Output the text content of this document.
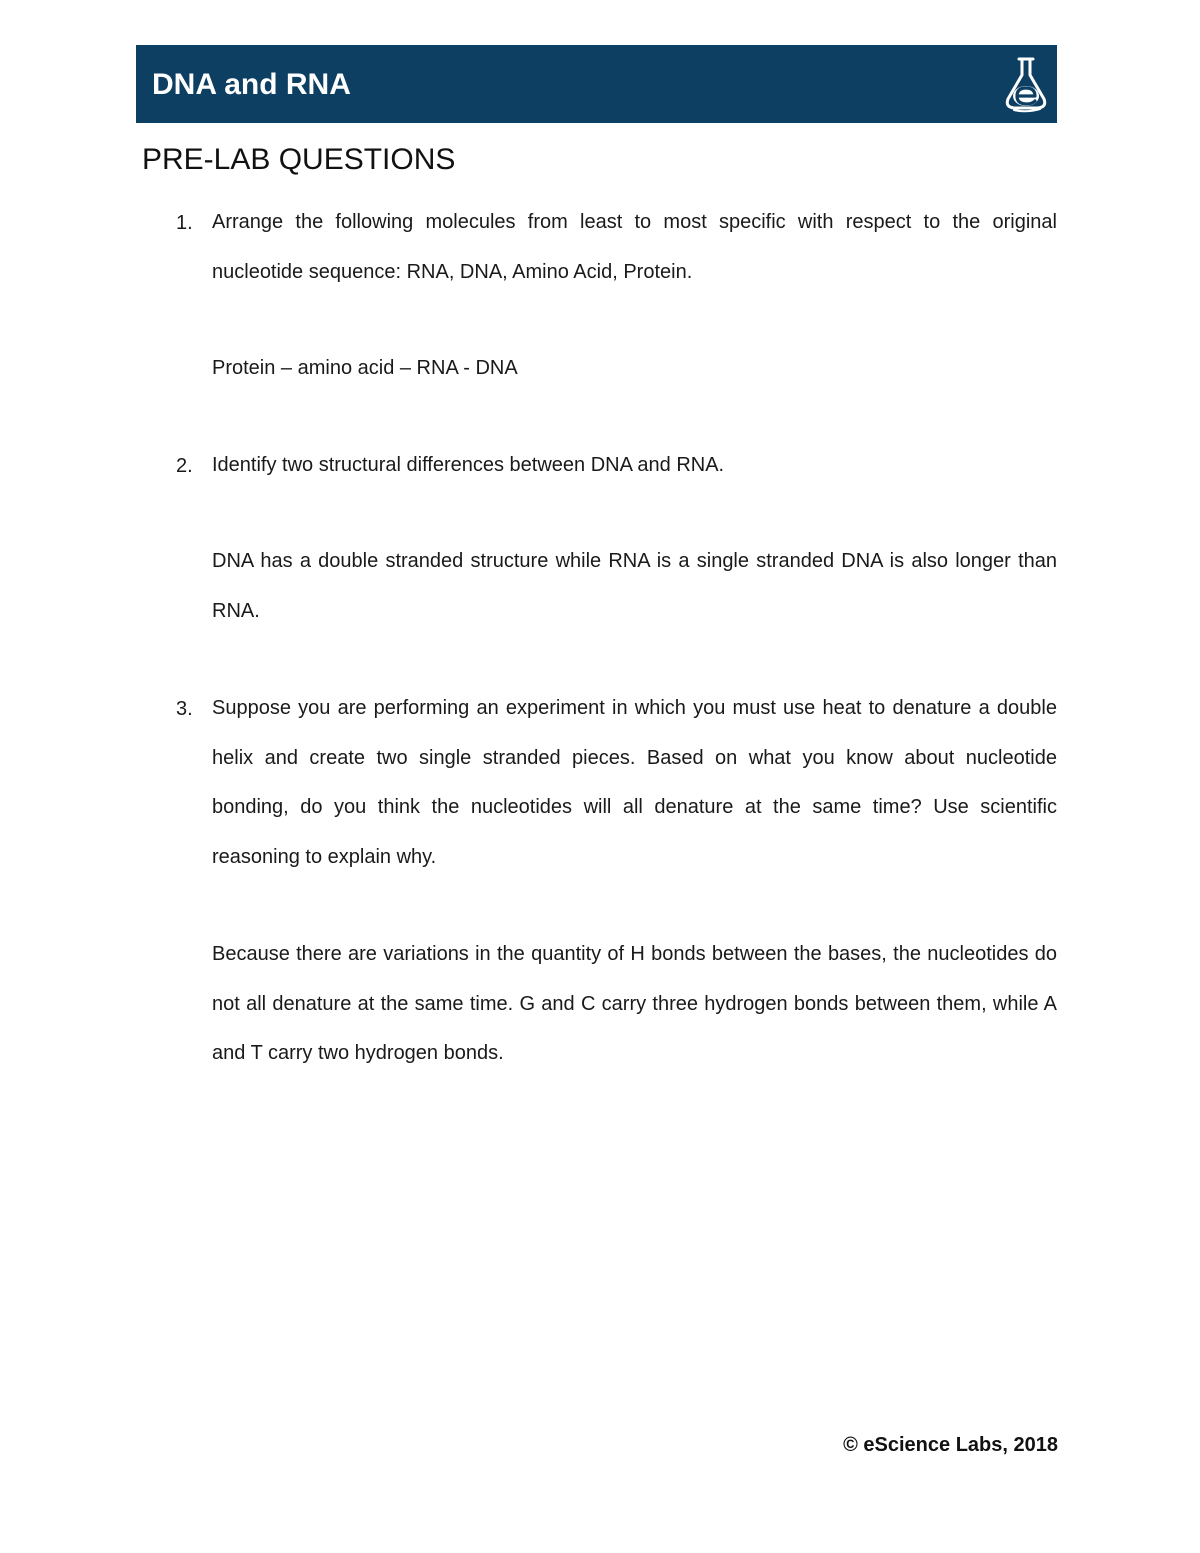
DNA and RNA
PRE-LAB QUESTIONS
1. Arrange the following molecules from least to most specific with respect to the original nucleotide sequence: RNA, DNA, Amino Acid, Protein.

Protein – amino acid – RNA - DNA

2. Identify two structural differences between DNA and RNA.

DNA has a double stranded structure while RNA is a single stranded DNA is also longer than RNA.

3. Suppose you are performing an experiment in which you must use heat to denature a double helix and create two single stranded pieces. Based on what you know about nucleotide bonding, do you think the nucleotides will all denature at the same time? Use scientific reasoning to explain why.

Because there are variations in the quantity of H bonds between the bases, the nucleotides do not all denature at the same time. G and C carry three hydrogen bonds between them, while A and T carry two hydrogen bonds.

© eScience Labs, 2018
